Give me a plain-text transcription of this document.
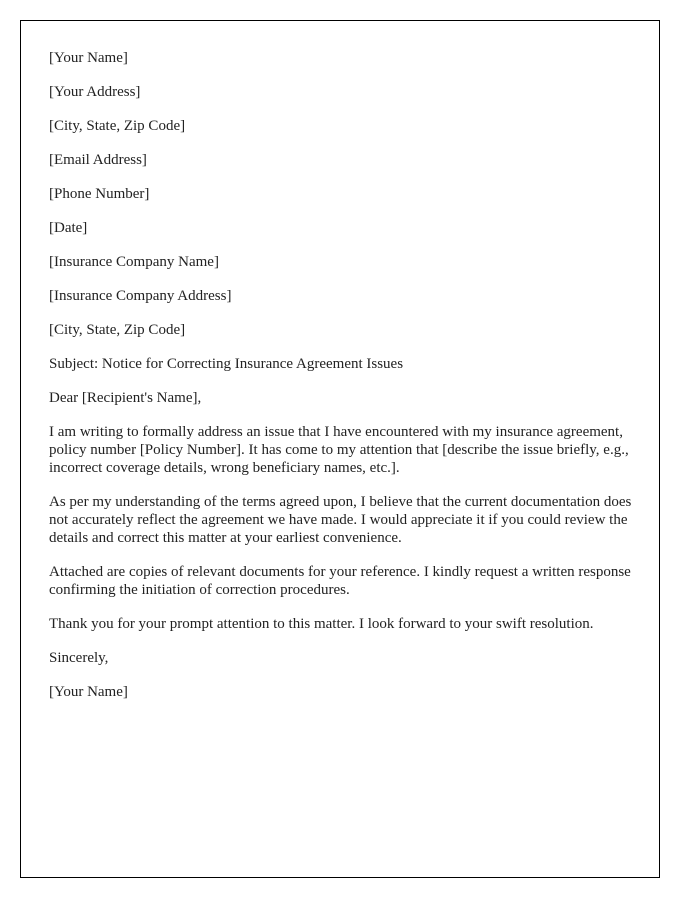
[Your Name]

[Your Address]

[City, State, Zip Code]

[Email Address]

[Phone Number]

[Date]

[Insurance Company Name]

[Insurance Company Address]

[City, State, Zip Code]

Subject: Notice for Correcting Insurance Agreement Issues

Dear [Recipient's Name],

I am writing to formally address an issue that I have encountered with my insurance agreement, policy number [Policy Number]. It has come to my attention that [describe the issue briefly, e.g., incorrect coverage details, wrong beneficiary names, etc.].

As per my understanding of the terms agreed upon, I believe that the current documentation does not accurately reflect the agreement we have made. I would appreciate it if you could review the details and correct this matter at your earliest convenience.

Attached are copies of relevant documents for your reference. I kindly request a written response confirming the initiation of correction procedures.

Thank you for your prompt attention to this matter. I look forward to your swift resolution.

Sincerely,

[Your Name]
